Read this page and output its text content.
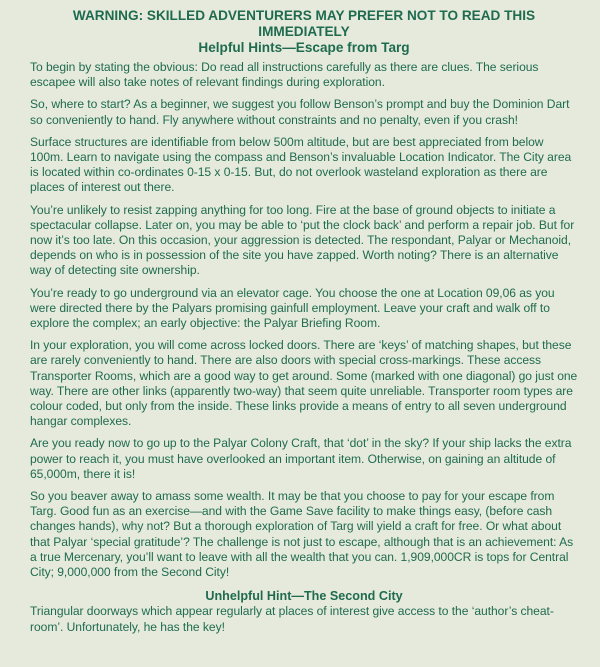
WARNING: SKILLED ADVENTURERS MAY PREFER NOT TO READ THIS IMMEDIATELY
Helpful Hints—Escape from Targ

To begin by stating the obvious: Do read all instructions carefully as there are clues. The serious escapee will also take notes of relevant findings during exploration.

So, where to start? As a beginner, we suggest you follow Benson’s prompt and buy the Dominion Dart so conveniently to hand. Fly anywhere without constraints and no penalty, even if you crash!

Surface structures are identifiable from below 500m altitude, but are best appreciated from below 100m. Learn to navigate using the compass and Benson’s invaluable Location Indicator. The City area is located within co-ordinates 0-15 x 0-15. But, do not overlook wasteland exploration as there are places of interest out there.

You’re unlikely to resist zapping anything for too long. Fire at the base of ground objects to initiate a spectacular collapse. Later on, you may be able to ‘put the clock back’ and perform a repair job. But for now it’s too late. On this occasion, your aggression is detected. The respondant, Palyar or Mechanoid, depends on who is in possession of the site you have zapped. Worth noting? There is an alternative way of detecting site ownership.

You’re ready to go underground via an elevator cage. You choose the one at Location 09,06 as you were directed there by the Palyars promising gainfull employment. Leave your craft and walk off to explore the complex; an early objective: the Palyar Briefing Room.

In your exploration, you will come across locked doors. There are ‘keys’ of matching shapes, but these are rarely conveniently to hand. There are also doors with special cross-markings. These access Transporter Rooms, which are a good way to get around. Some (marked with one diagonal) go just one way. There are other links (apparently two-way) that seem quite unreliable. Transporter room types are colour coded, but only from the inside. These links provide a means of entry to all seven underground hangar complexes.

Are you ready now to go up to the Palyar Colony Craft, that ‘dot’ in the sky? If your ship lacks the extra power to reach it, you must have overlooked an important item. Otherwise, on gaining an altitude of 65,000m, there it is!

So you beaver away to amass some wealth. It may be that you choose to pay for your escape from Targ. Good fun as an exercise—and with the Game Save facility to make things easy, (before cash changes hands), why not? But a thorough exploration of Targ will yield a craft for free. Or what about that Palyar ‘special gratitude’? The challenge is not just to escape, although that is an achievement: As a true Mercenary, you’ll want to leave with all the wealth that you can. 1,909,000CR is tops for Central City; 9,000,000 from the Second City!

Unhelpful Hint—The Second City

Triangular doorways which appear regularly at places of interest give access to the ‘author’s cheat-room’. Unfortunately, he has the key!
